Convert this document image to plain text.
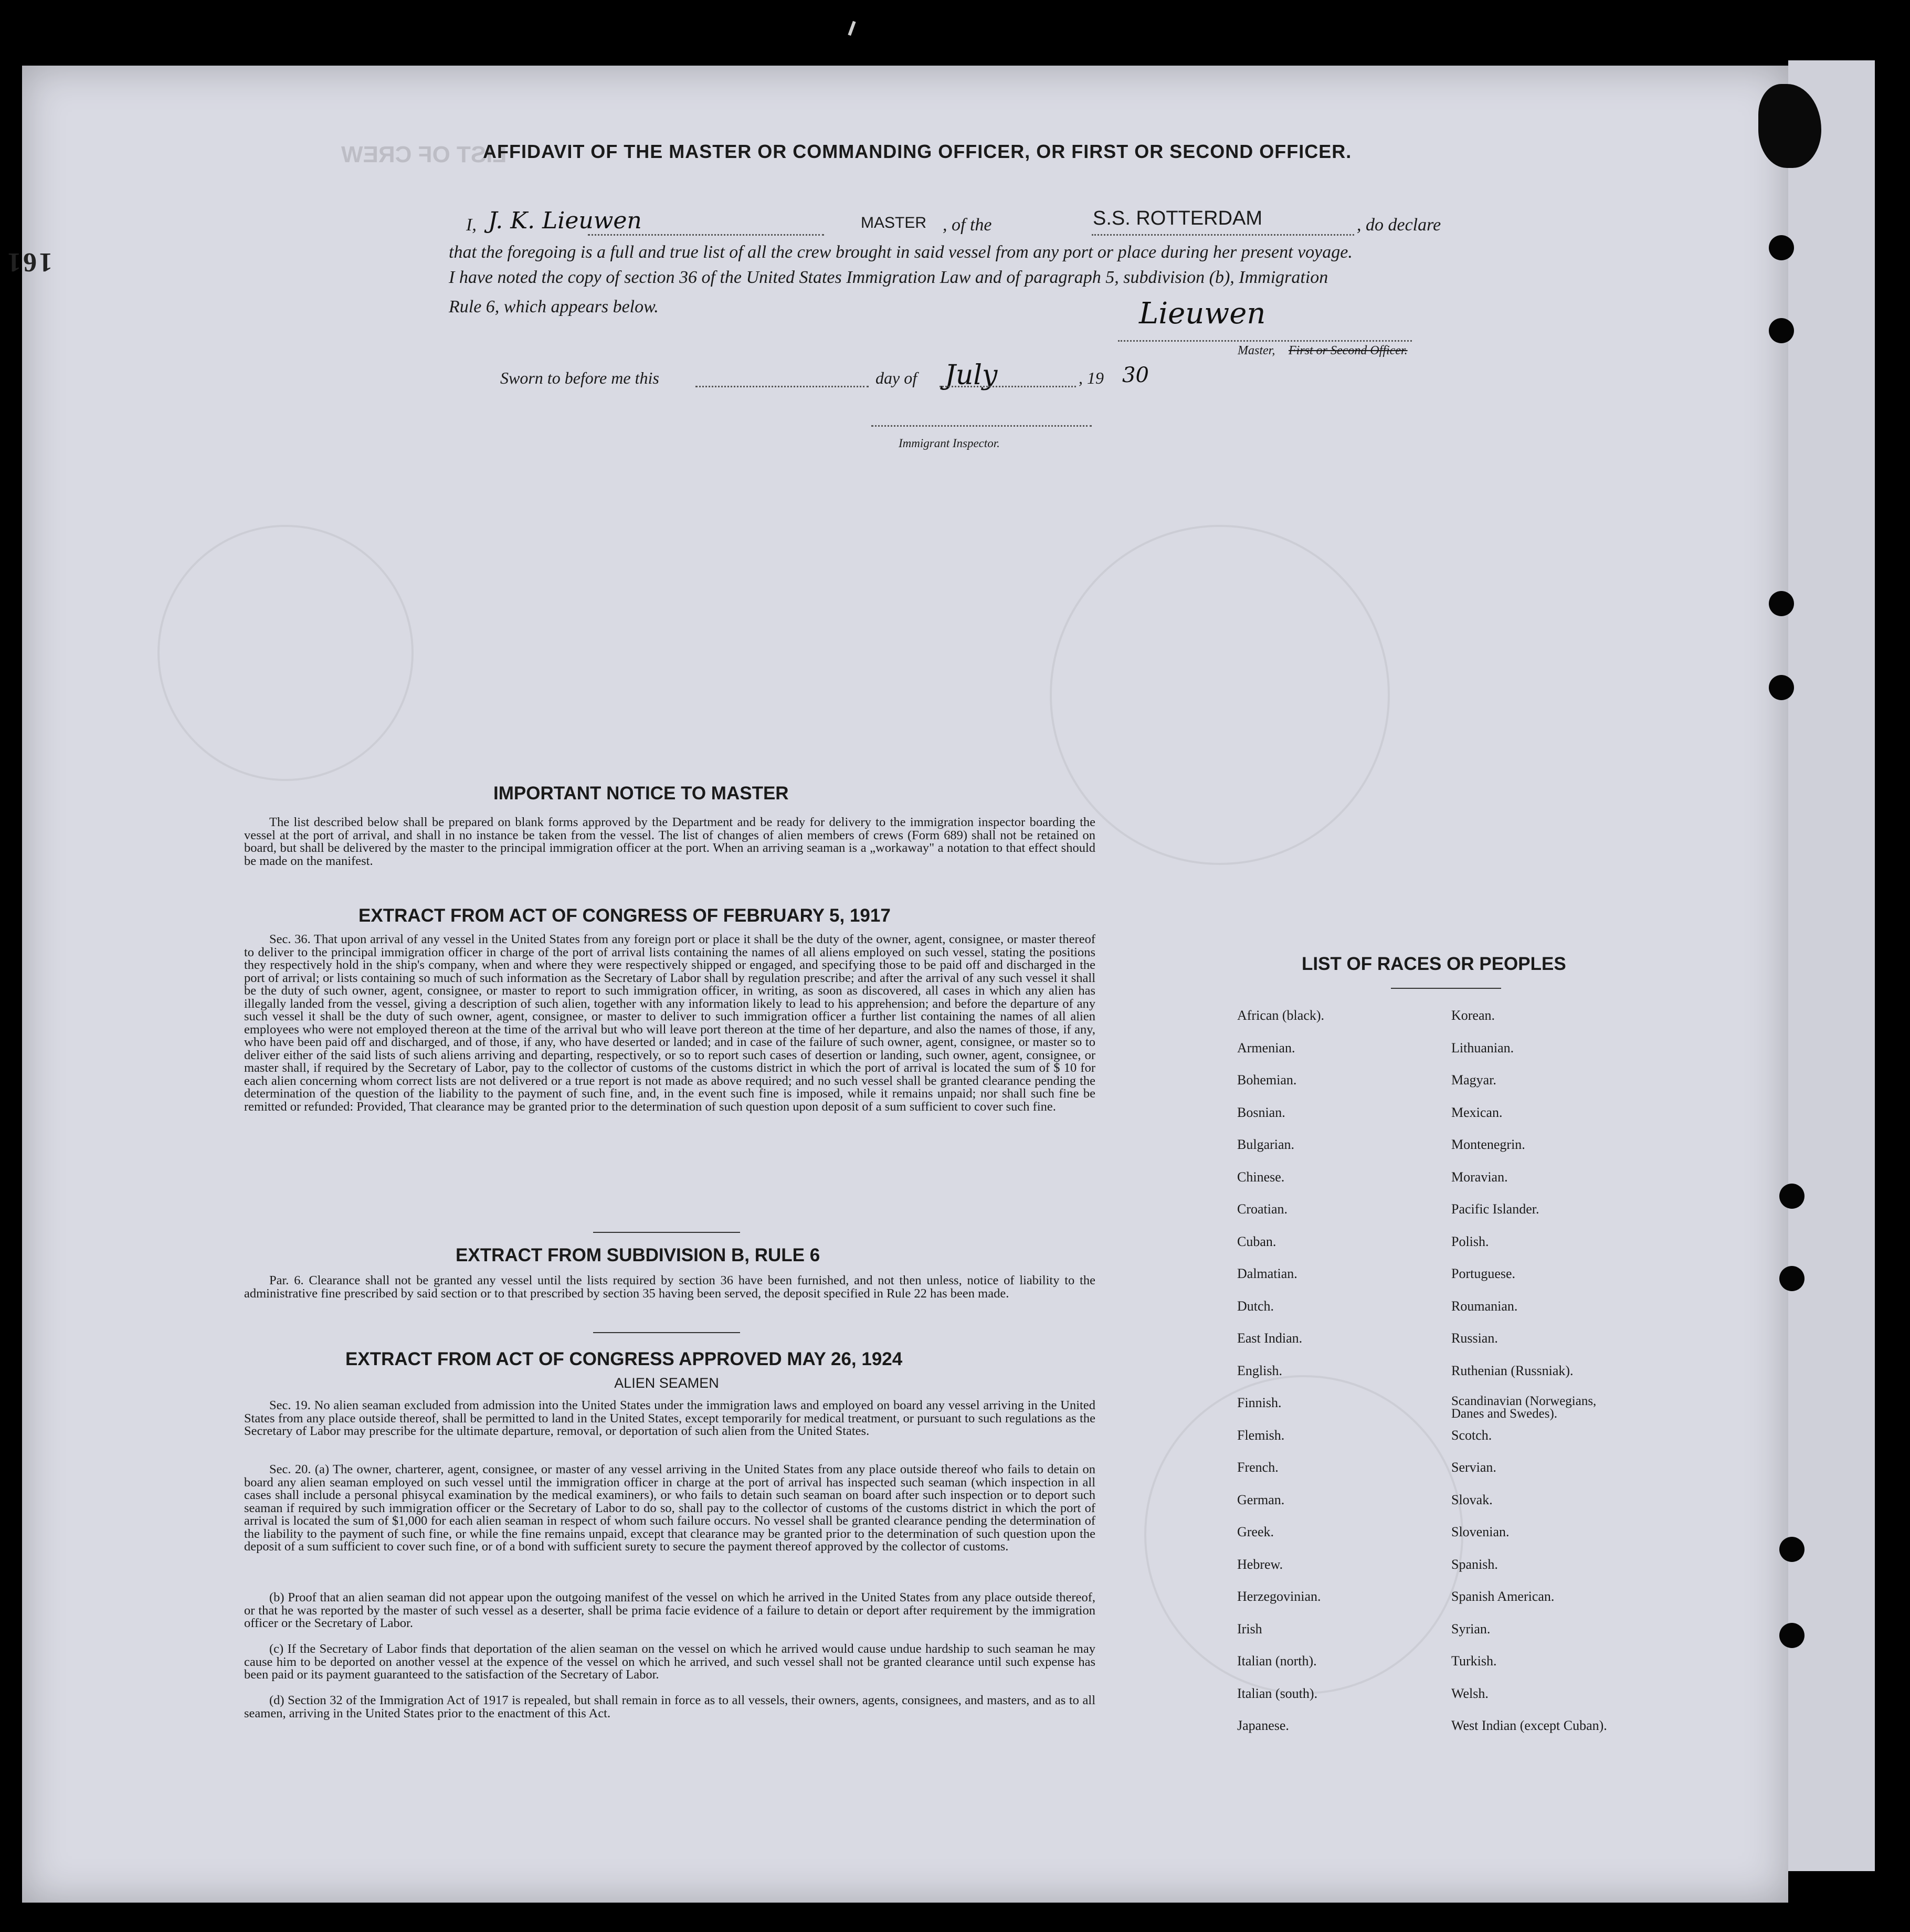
LIST OF CREW
161
AFFIDAVIT OF THE MASTER OR COMMANDING OFFICER, OR FIRST OR SECOND OFFICER.
I, J. K. Lieuwen	MASTER , of the	S.S. ROTTERDAM	, do declare
that the foregoing is a full and true list of all the crew brought in said vessel from any port or place during her present voyage.
I have noted the copy of section 36 of the United States Immigration Law and of paragraph 5, subdivision (b), Immigration
Rule 6, which appears below.	Lieuwen
Master, First or Second Officer.
Sworn to before me this	day of July	, 19 30
Immigrant Inspector.
IMPORTANT NOTICE TO MASTER

The list described below shall be prepared on blank forms approved by the Department and be ready for delivery to the immigration inspector boarding the vessel at the port of arrival, and shall in no instance be taken from the vessel. The list of changes of alien members of crews (Form 689) shall not be retained on board, but shall be delivered by the master to the principal immigration officer at the port. When an arriving seaman is a „workaway" a notation to that effect should be made on the manifest.

EXTRACT FROM ACT OF CONGRESS OF FEBRUARY 5, 1917

Sec. 36. That upon arrival of any vessel in the United States from any foreign port or place it shall be the duty of the owner, agent, consignee, or master thereof to deliver to the principal immigration officer in charge of the port of arrival lists containing the names of all aliens employed on such vessel, stating the positions they respectively hold in the ship's company, when and where they were respectively shipped or engaged, and specifying those to be paid off and discharged in the port of arrival; or lists containing so much of such information as the Secretary of Labor shall by regulation prescribe; and after the arrival of any such vessel it shall be the duty of such owner, agent, consignee, or master to report to such immigration officer, in writing, as soon as discovered, all cases in which any alien has illegally landed from the vessel, giving a description of such alien, together with any information likely to lead to his apprehension; and before the departure of any such vessel it shall be the duty of such owner, agent, consignee, or master to deliver to such immigration officer a further list containing the names of all alien employees who were not employed thereon at the time of the arrival but who will leave port thereon at the time of her departure, and also the names of those, if any, who have been paid off and discharged, and of those, if any, who have deserted or landed; and in case of the failure of such owner, agent, consignee, or master so to deliver either of the said lists of such aliens arriving and departing, respectively, or so to report such cases of desertion or landing, such owner, agent, consignee, or master shall, if required by the Secretary of Labor, pay to the collector of customs of the customs district in which the port of arrival is located the sum of $ 10 for each alien concerning whom correct lists are not delivered or a true report is not made as above required; and no such vessel shall be granted clearance pending the determination of the question of the liability to the payment of such fine, and, in the event such fine is imposed, while it remains unpaid; nor shall such fine be remitted or refunded: Provided, That clearance may be granted prior to the determination of such question upon deposit of a sum sufficient to cover such fine.

EXTRACT FROM SUBDIVISION B, RULE 6

Par. 6. Clearance shall not be granted any vessel until the lists required by section 36 have been furnished, and not then unless, notice of liability to the administrative fine prescribed by said section or to that prescribed by section 35 having been served, the deposit specified in Rule 22 has been made.

EXTRACT FROM ACT OF CONGRESS APPROVED MAY 26, 1924
ALIEN SEAMEN

Sec. 19. No alien seaman excluded from admission into the United States under the immigration laws and employed on board any vessel arriving in the United States from any place outside thereof, shall be permitted to land in the United States, except temporarily for medical treatment, or pursuant to such regulations as the Secretary of Labor may prescribe for the ultimate departure, removal, or deportation of such alien from the United States.

Sec. 20. (a) The owner, charterer, agent, consignee, or master of any vessel arriving in the United States from any place outside thereof who fails to detain on board any alien seaman employed on such vessel until the immigration officer in charge at the port of arrival has inspected such seaman (which inspection in all cases shall include a personal phisycal examination by the medical examiners), or who fails to detain such seaman on board after such inspection or to deport such seaman if required by such immigration officer or the Secretary of Labor to do so, shall pay to the collector of customs of the customs district in which the port of arrival is located the sum of $1,000 for each alien seaman in respect of whom such failure occurs. No vessel shall be granted clearance pending the determination of the liability to the payment of such fine, or while the fine remains unpaid, except that clearance may be granted prior to the determination of such question upon the deposit of a sum sufficient to cover such fine, or of a bond with sufficient surety to secure the payment thereof approved by the collector of customs.

(b) Proof that an alien seaman did not appear upon the outgoing manifest of the vessel on which he arrived in the United States from any place outside thereof, or that he was reported by the master of such vessel as a deserter, shall be prima facie evidence of a failure to detain or deport after requirement by the immigration officer or the Secretary of Labor.

(c) If the Secretary of Labor finds that deportation of the alien seaman on the vessel on which he arrived would cause undue hardship to such seaman he may cause him to be deported on another vessel at the expence of the vessel on which he arrived, and such vessel shall not be granted clearance until such expense has been paid or its payment guaranteed to the satisfaction of the Secretary of Labor.

(d) Section 32 of the Immigration Act of 1917 is repealed, but shall remain in force as to all vessels, their owners, agents, consignees, and masters, and as to all seamen, arriving in the United States prior to the enactment of this Act.

LIST OF RACES OR PEOPLES
African (black).
Armenian.
Bohemian.
Bosnian.
Bulgarian.
Chinese.
Croatian.
Cuban.
Dalmatian.
Dutch.
East Indian.
English.
Finnish.
Flemish.
French.
German.
Greek.
Hebrew.
Herzegovinian.
Irish
Italian (north).
Italian (south).
Japanese.
Korean.
Lithuanian.
Magyar.
Mexican.
Montenegrin.
Moravian.
Pacific Islander.
Polish.
Portuguese.
Roumanian.
Russian.
Ruthenian (Russniak).
Scandinavian (Norwegians, Danes and Swedes).
Scotch.
Servian.
Slovak.
Slovenian.
Spanish.
Spanish American.
Syrian.
Turkish.
Welsh.
West Indian (except Cuban).
